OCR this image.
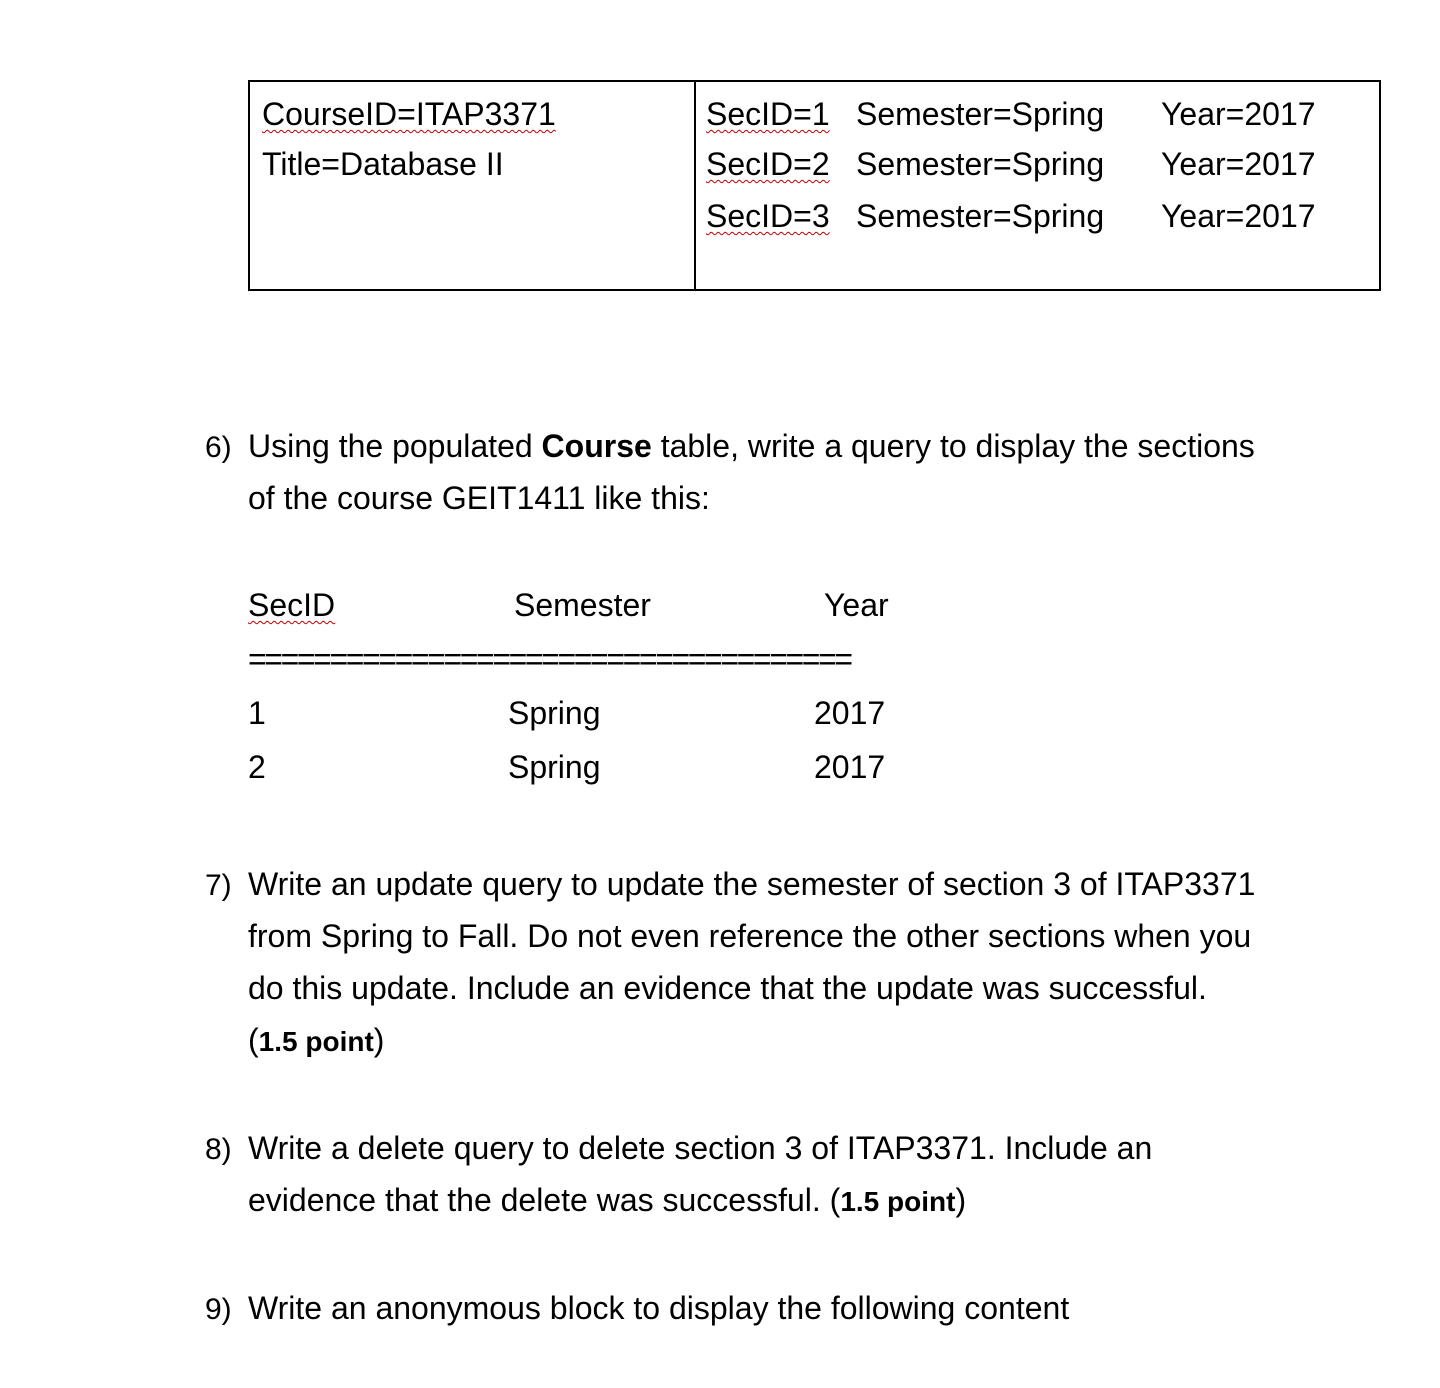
CourseID=ITAP3371
Title=Database II
SecID=1 Semester=Spring Year=2017
SecID=2 Semester=Spring Year=2017
SecID=3 Semester=Spring Year=2017
6) Using the populated Course table, write a query to display the sections
of the course GEIT1411 like this:
SecID	Semester	Year
=====================================
1	Spring	2017
2	Spring	2017
7) Write an update query to update the semester of section 3 of ITAP3371
from Spring to Fall. Do not even reference the other sections when you
do this update. Include an evidence that the update was successful.
(1.5 point)
8) Write a delete query to delete section 3 of ITAP3371. Include an
evidence that the delete was successful. (1.5 point)
9) Write an anonymous block to display the following content
